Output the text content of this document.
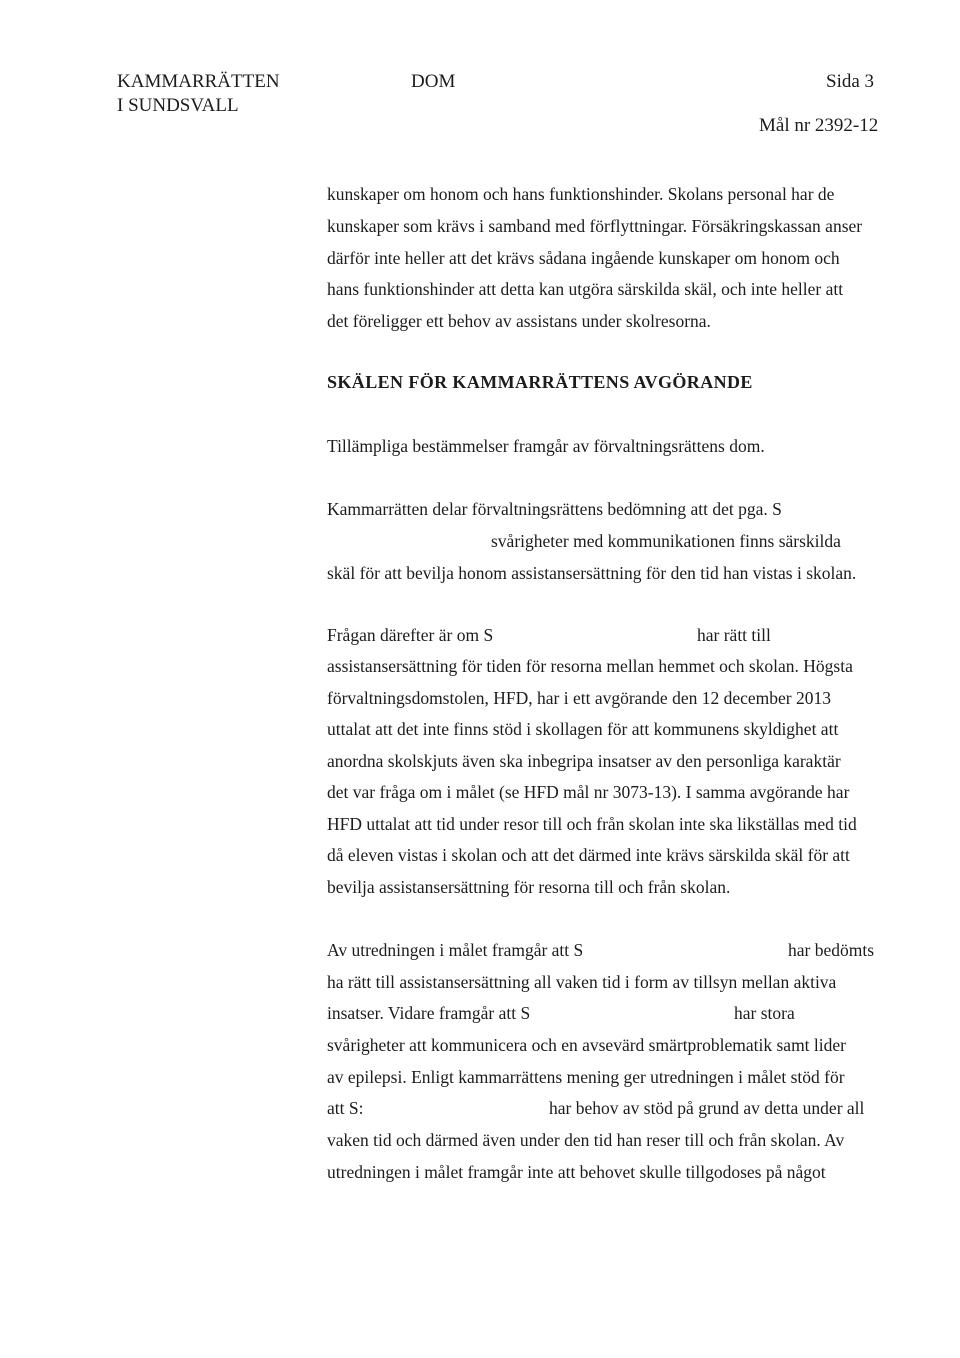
KAMMARRÄTTEN
I SUNDSVALL
DOM	Sida 3
Mål nr 2392-12
kunskaper om honom och hans funktionshinder. Skolans personal har de
kunskaper som krävs i samband med förflyttningar. Försäkringskassan anser
därför inte heller att det krävs sådana ingående kunskaper om honom och
hans funktionshinder att detta kan utgöra särskilda skäl, och inte heller att
det föreligger ett behov av assistans under skolresorna.
SKÄLEN FÖR KAMMARRÄTTENS AVGÖRANDE
Tillämpliga bestämmelser framgår av förvaltningsrättens dom.
Kammarrätten delar förvaltningsrättens bedömning att det pga. S
svårigheter med kommunikationen finns särskilda
skäl för att bevilja honom assistansersättning för den tid han vistas i skolan.
Frågan därefter är om S	har rätt till
assistansersättning för tiden för resorna mellan hemmet och skolan. Högsta
förvaltningsdomstolen, HFD, har i ett avgörande den 12 december 2013
uttalat att det inte finns stöd i skollagen för att kommunens skyldighet att
anordna skolskjuts även ska inbegripa insatser av den personliga karaktär
det var fråga om i målet (se HFD mål nr 3073-13). I samma avgörande har
HFD uttalat att tid under resor till och från skolan inte ska likställas med tid
då eleven vistas i skolan och att det därmed inte krävs särskilda skäl för att
bevilja assistansersättning för resorna till och från skolan.
Av utredningen i målet framgår att S	har bedömts
ha rätt till assistansersättning all vaken tid i form av tillsyn mellan aktiva
insatser. Vidare framgår att S	har stora
svårigheter att kommunicera och en avsevärd smärtproblematik samt lider
av epilepsi. Enligt kammarrättens mening ger utredningen i målet stöd för
att S:	har behov av stöd på grund av detta under all
vaken tid och därmed även under den tid han reser till och från skolan. Av
utredningen i målet framgår inte att behovet skulle tillgodoses på något
